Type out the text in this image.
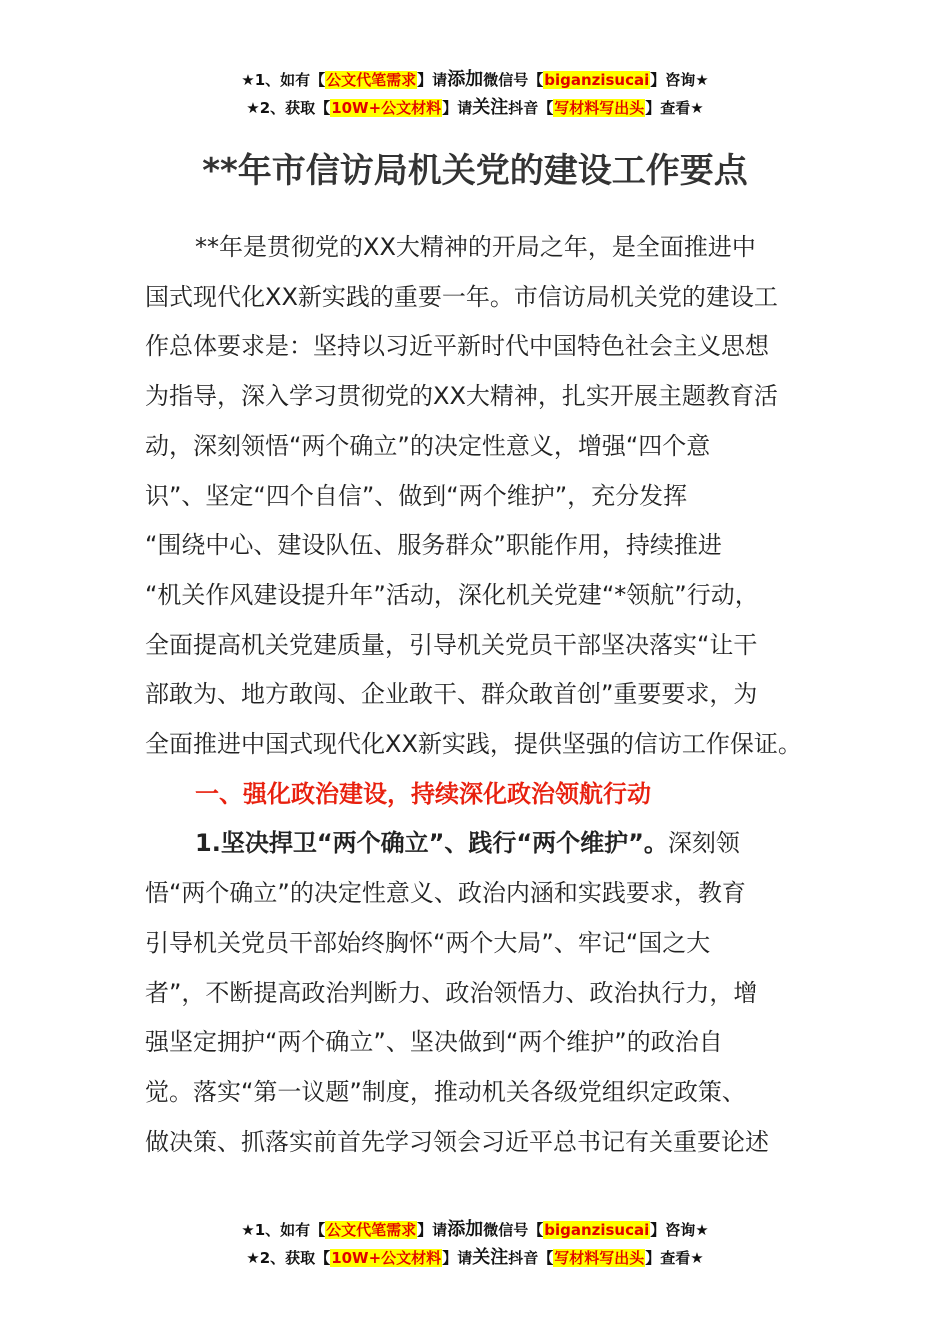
★1、如有【公文代笔需求】请添加微信号【biganzisucai】咨询★
★2、获取【10W+公文材料】请关注抖音【写材料写出头】查看★
**年市信访局机关党的建设工作要点

**年是贯彻党的XX大精神的开局之年，是全面推进中
国式现代化XX新实践的重要一年。市信访局机关党的建设工
作总体要求是：坚持以习近平新时代中国特色社会主义思想
为指导，深入学习贯彻党的XX大精神，扎实开展主题教育活
动，深刻领悟“两个确立”的决定性意义，增强“四个意
识”、坚定“四个自信”、做到“两个维护”，充分发挥
“围绕中心、建设队伍、服务群众”职能作用，持续推进
“机关作风建设提升年”活动，深化机关党建“*领航”行动，
全面提高机关党建质量，引导机关党员干部坚决落实“让干
部敢为、地方敢闯、企业敢干、群众敢首创”重要要求，为
全面推进中国式现代化XX新实践，提供坚强的信访工作保证。

一、强化政治建设，持续深化政治领航行动

1.坚决捍卫“两个确立”、践行“两个维护”。深刻领
悟“两个确立”的决定性意义、政治内涵和实践要求，教育
引导机关党员干部始终胸怀“两个大局”、牢记“国之大
者”，不断提高政治判断力、政治领悟力、政治执行力，增
强坚定拥护“两个确立”、坚决做到“两个维护”的政治自
觉。落实“第一议题”制度，推动机关各级党组织定政策、
做决策、抓落实前首先学习领会习近平总书记有关重要论述

★1、如有【公文代笔需求】请添加微信号【biganzisucai】咨询★
★2、获取【10W+公文材料】请关注抖音【写材料写出头】查看★
